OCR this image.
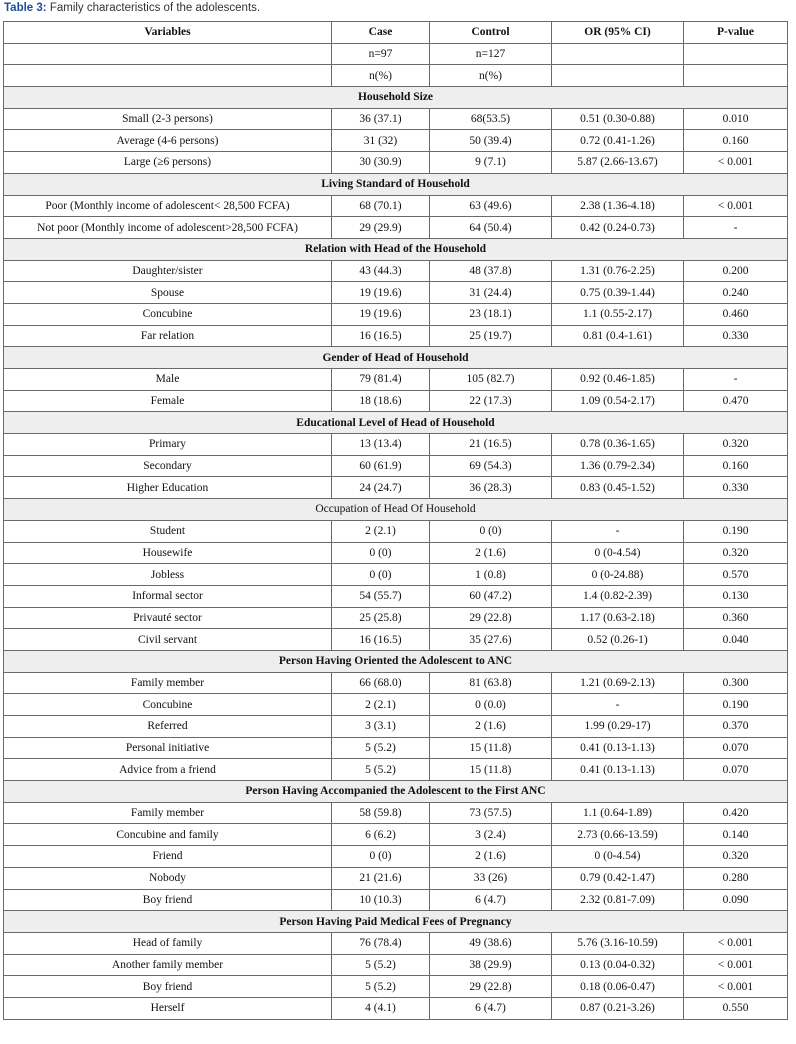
Table 3: Family characteristics of the adolescents.
Variables	Case	Control	OR (95% CI)	P-value
	n=97	n=127		
	n(%)	n(%)		
Household Size				
Small (2-3 persons)	36 (37.1)	68(53.5)	0.51 (0.30-0.88)	0.010
Average (4-6 persons)	31 (32)	50 (39.4)	0.72 (0.41-1.26)	0.160
Large (≥6 persons)	30 (30.9)	9 (7.1)	5.87 (2.66-13.67)	< 0.001
Living Standard of Household				
Poor (Monthly income of adolescent< 28,500 FCFA)	68 (70.1)	63 (49.6)	2.38 (1.36-4.18)	< 0.001
Not poor (Monthly income of adolescent>28,500 FCFA)	29 (29.9)	64 (50.4)	0.42 (0.24-0.73)	-
Relation with Head of the Household				
Daughter/sister	43 (44.3)	48 (37.8)	1.31 (0.76-2.25)	0.200
Spouse	19 (19.6)	31 (24.4)	0.75 (0.39-1.44)	0.240
Concubine	19 (19.6)	23 (18.1)	1.1 (0.55-2.17)	0.460
Far relation	16 (16.5)	25 (19.7)	0.81 (0.4-1.61)	0.330
Gender of Head of Household				
Male	79 (81.4)	105 (82.7)	0.92 (0.46-1.85)	-
Female	18 (18.6)	22 (17.3)	1.09 (0.54-2.17)	0.470
Educational Level of Head of Household				
Primary	13 (13.4)	21 (16.5)	0.78 (0.36-1.65)	0.320
Secondary	60 (61.9)	69 (54.3)	1.36 (0.79-2.34)	0.160
Higher Education	24 (24.7)	36 (28.3)	0.83 (0.45-1.52)	0.330
Occupation of Head Of Household				
Student	2 (2.1)	0 (0)	-	0.190
Housewife	0 (0)	2 (1.6)	0 (0-4.54)	0.320
Jobless	0 (0)	1 (0.8)	0 (0-24.88)	0.570
Informal sector	54 (55.7)	60 (47.2)	1.4 (0.82-2.39)	0.130
Privauté sector	25 (25.8)	29 (22.8)	1.17 (0.63-2.18)	0.360
Civil servant	16 (16.5)	35 (27.6)	0.52 (0.26-1)	0.040
Person Having Oriented the Adolescent to ANC				
Family member	66 (68.0)	81 (63.8)	1.21 (0.69-2.13)	0.300
Concubine	2 (2.1)	0 (0.0)	-	0.190
Referred	3 (3.1)	2 (1.6)	1.99 (0.29-17)	0.370
Personal initiative	5 (5.2)	15 (11.8)	0.41 (0.13-1.13)	0.070
Advice from a friend	5 (5.2)	15 (11.8)	0.41 (0.13-1.13)	0.070
Person Having Accompanied the Adolescent to the First ANC				
Family member	58 (59.8)	73 (57.5)	1.1 (0.64-1.89)	0.420
Concubine and family	6 (6.2)	3 (2.4)	2.73 (0.66-13.59)	0.140
Friend	0 (0)	2 (1.6)	0 (0-4.54)	0.320
Nobody	21 (21.6)	33 (26)	0.79 (0.42-1.47)	0.280
Boy friend	10 (10.3)	6 (4.7)	2.32 (0.81-7.09)	0.090
Person Having Paid Medical Fees of Pregnancy				
Head of family	76 (78.4)	49 (38.6)	5.76 (3.16-10.59)	< 0.001
Another family member	5 (5.2)	38 (29.9)	0.13 (0.04-0.32)	< 0.001
Boy friend	5 (5.2)	29 (22.8)	0.18 (0.06-0.47)	< 0.001
Herself	4 (4.1)	6 (4.7)	0.87 (0.21-3.26)	0.550
